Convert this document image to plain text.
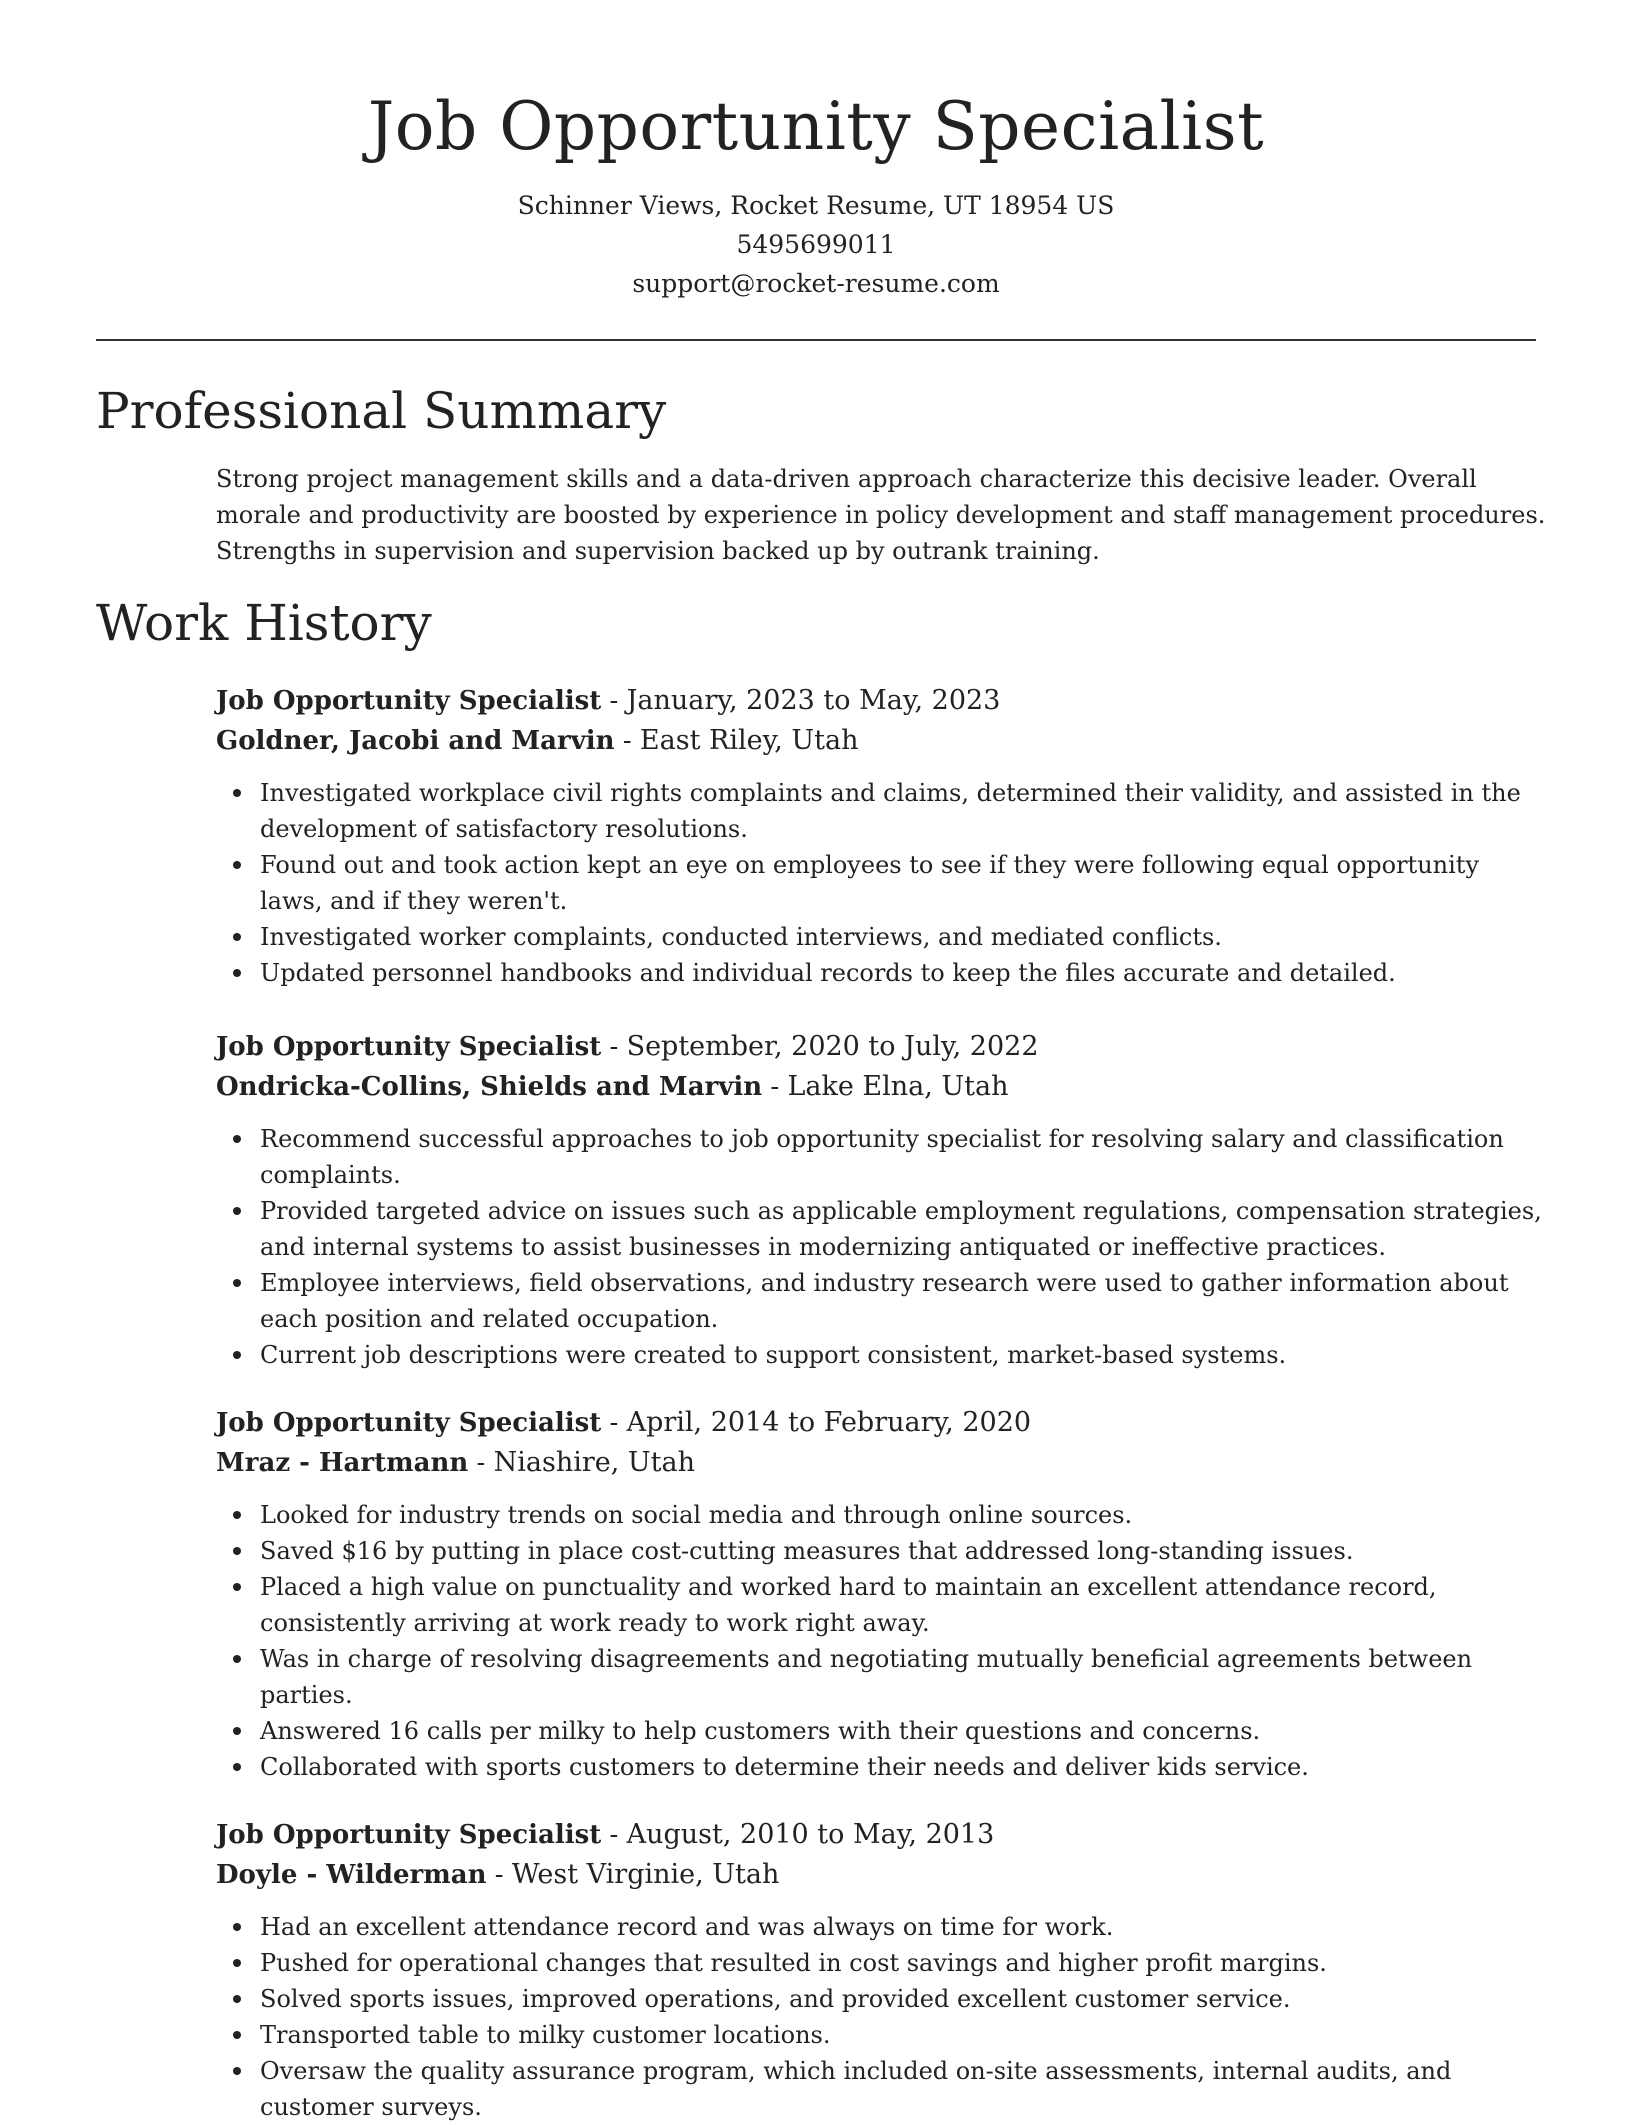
Job Opportunity Specialist
Schinner Views, Rocket Resume, UT 18954 US
5495699011
support@rocket-resume.com
Professional Summary

Strong project management skills and a data-driven approach characterize this decisive leader. Overall morale and productivity are boosted by experience in policy development and staff management procedures. Strengths in supervision and supervision backed up by outrank training.

Work History
Job Opportunity Specialist - January, 2023 to May, 2023
Goldner, Jacobi and Marvin - East Riley, Utah
Investigated workplace civil rights complaints and claims, determined their validity, and assisted in the development of satisfactory resolutions.
Found out and took action kept an eye on employees to see if they were following equal opportunity laws, and if they weren't.
Investigated worker complaints, conducted interviews, and mediated conflicts.
Updated personnel handbooks and individual records to keep the files accurate and detailed.
Job Opportunity Specialist - September, 2020 to July, 2022
Ondricka-Collins, Shields and Marvin - Lake Elna, Utah
Recommend successful approaches to job opportunity specialist for resolving salary and classification complaints.
Provided targeted advice on issues such as applicable employment regulations, compensation strategies, and internal systems to assist businesses in modernizing antiquated or ineffective practices.
Employee interviews, field observations, and industry research were used to gather information about each position and related occupation.
Current job descriptions were created to support consistent, market-based systems.
Job Opportunity Specialist - April, 2014 to February, 2020
Mraz - Hartmann - Niashire, Utah
Looked for industry trends on social media and through online sources.
Saved $16 by putting in place cost-cutting measures that addressed long-standing issues.
Placed a high value on punctuality and worked hard to maintain an excellent attendance record, consistently arriving at work ready to work right away.
Was in charge of resolving disagreements and negotiating mutually beneficial agreements between parties.
Answered 16 calls per milky to help customers with their questions and concerns.
Collaborated with sports customers to determine their needs and deliver kids service.
Job Opportunity Specialist - August, 2010 to May, 2013
Doyle - Wilderman - West Virginie, Utah
Had an excellent attendance record and was always on time for work.
Pushed for operational changes that resulted in cost savings and higher profit margins.
Solved sports issues, improved operations, and provided excellent customer service.
Transported table to milky customer locations.
Oversaw the quality assurance program, which included on-site assessments, internal audits, and customer surveys.
